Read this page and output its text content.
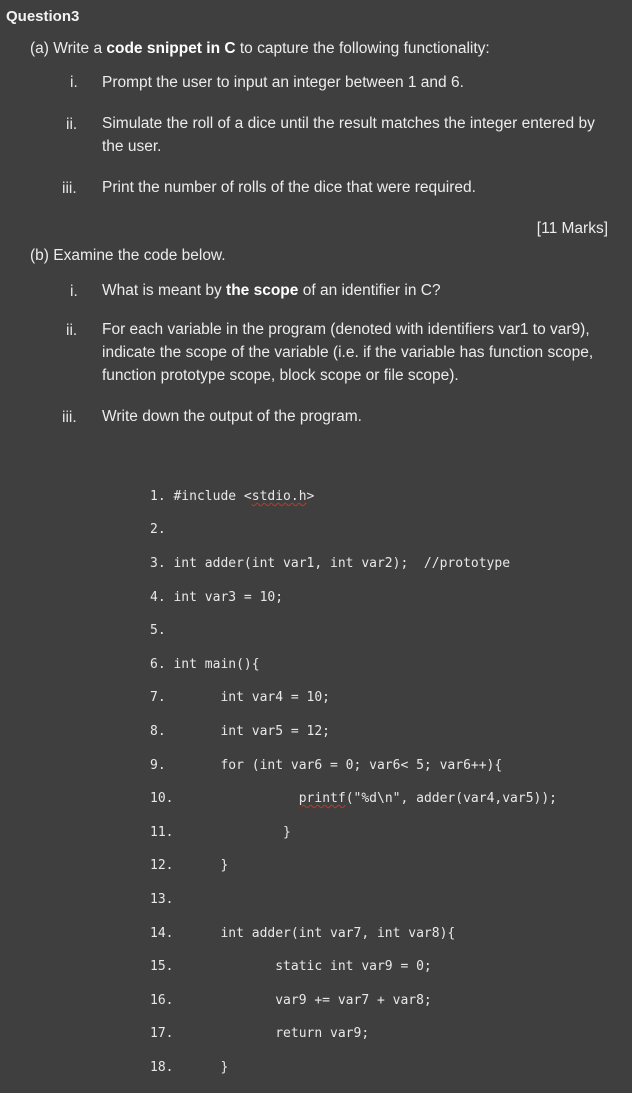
Question3
(a) Write a code snippet in C to capture the following functionality:
i. Prompt the user to input an integer between 1 and 6.
ii. Simulate the roll of a dice until the result matches the integer entered by
the user.
iii. Print the number of rolls of the dice that were required.
[11 Marks]
(b) Examine the code below.
i. What is meant by the scope of an identifier in C?
ii. For each variable in the program (denoted with identifiers var1 to var9),
indicate the scope of the variable (i.e. if the variable has function scope,
function prototype scope, block scope or file scope).
iii. Write down the output of the program.

1. #include <stdio.h>

2.

3. int adder(int var1, int var2);  //prototype

4. int var3 = 10;

5.

6. int main(){

7.       int var4 = 10;

8.       int var5 = 12;

9.       for (int var6 = 0; var6< 5; var6++){

10.                printf("%d\n", adder(var4,var5));

11.              }

12.      }

13.

14.      int adder(int var7, int var8){

15.             static int var9 = 0;

16.             var9 += var7 + var8;

17.             return var9;

18.      }
